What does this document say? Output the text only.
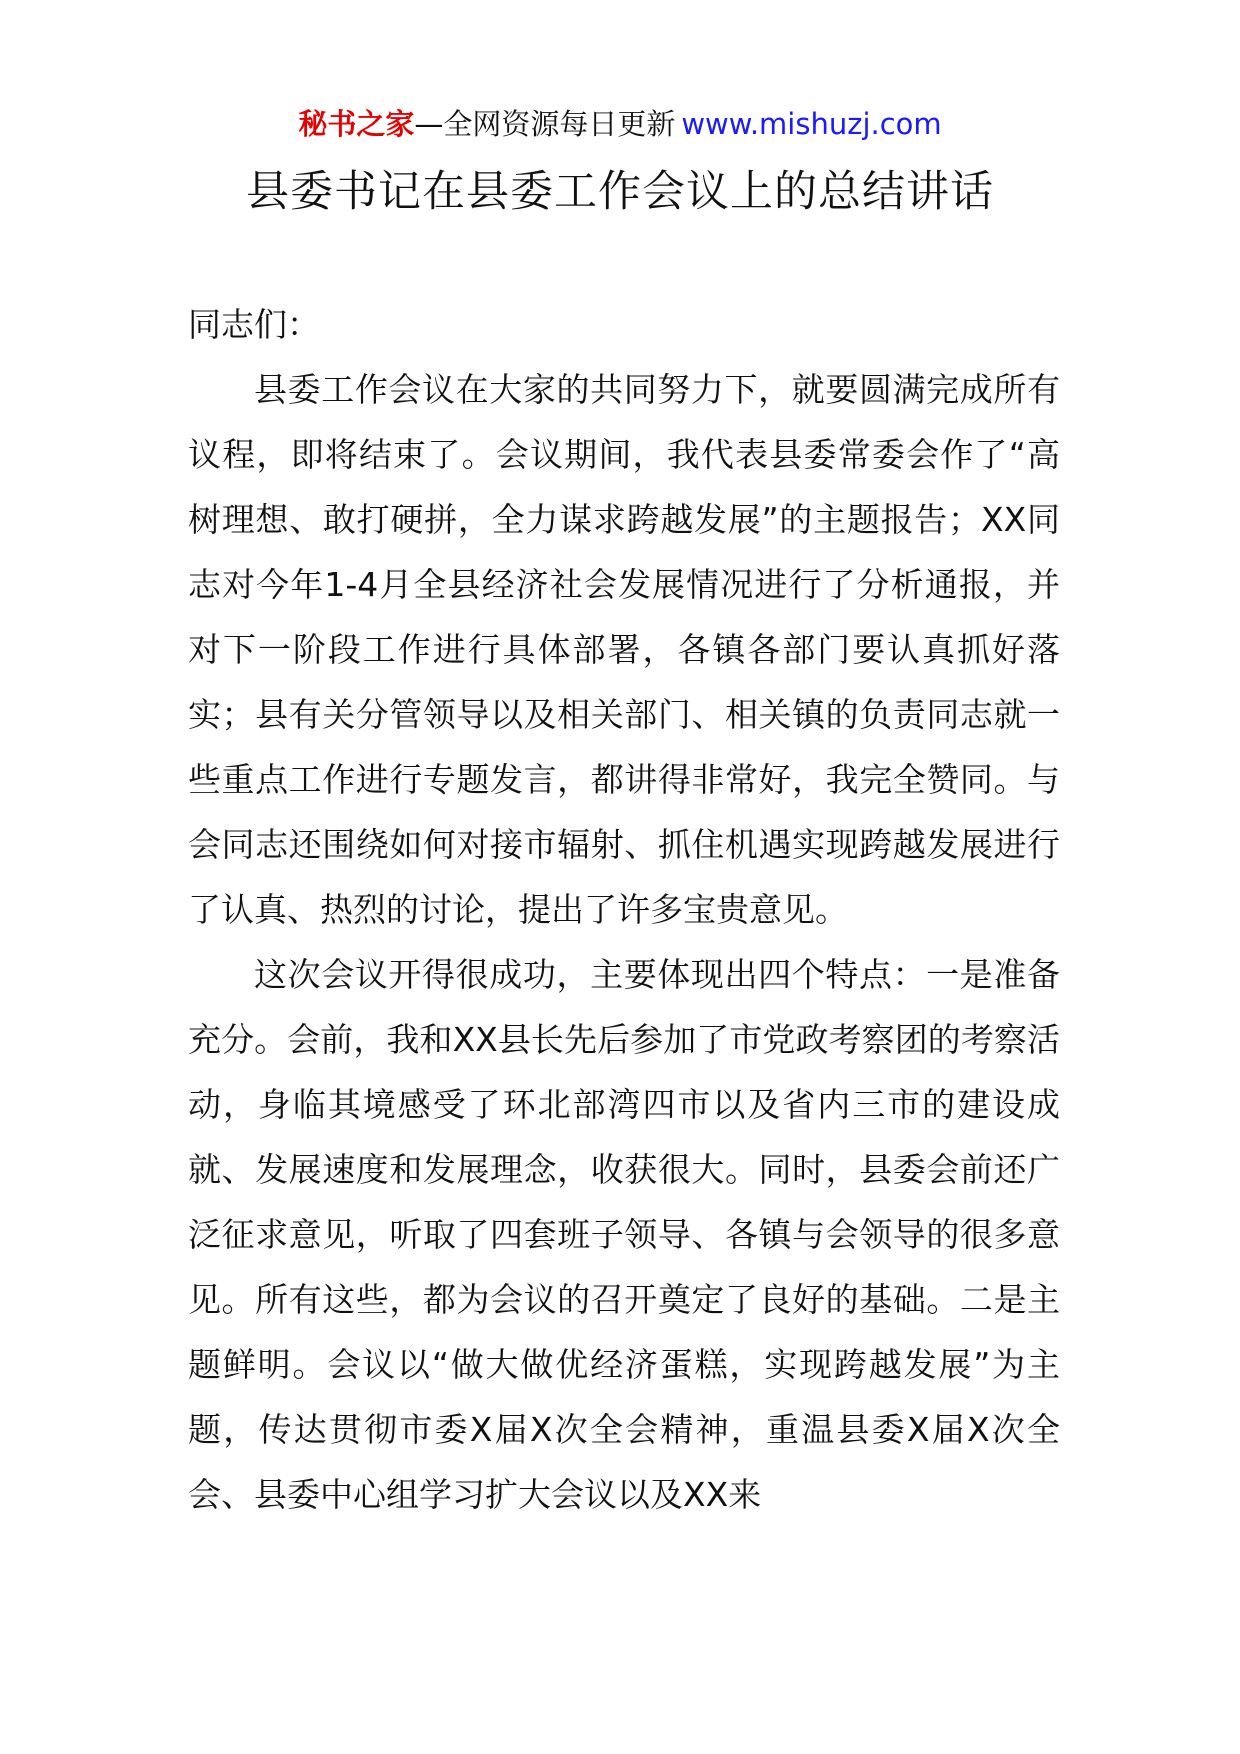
秘书之家—全网资源每日更新 www.mishuzj.com
县委书记在县委工作会议上的总结讲话

同志们：

县委工作会议在大家的共同努力下，就要圆满完成所有议程，即将结束了。会议期间，我代表县委常委会作了“高树理想、敢打硬拼，全力谋求跨越发展”的主题报告；XX同志对今年1-4月全县经济社会发展情况进行了分析通报，并对下一阶段工作进行具体部署，各镇各部门要认真抓好落实；县有关分管领导以及相关部门、相关镇的负责同志就一些重点工作进行专题发言，都讲得非常好，我完全赞同。与会同志还围绕如何对接市辐射、抓住机遇实现跨越发展进行了认真、热烈的讨论，提出了许多宝贵意见。

这次会议开得很成功，主要体现出四个特点：一是准备充分。会前，我和XX县长先后参加了市党政考察团的考察活动，身临其境感受了环北部湾四市以及省内三市的建设成就、发展速度和发展理念，收获很大。同时，县委会前还广泛征求意见，听取了四套班子领导、各镇与会领导的很多意见。所有这些，都为会议的召开奠定了良好的基础。二是主题鲜明。会议以“做大做优经济蛋糕，实现跨越发展”为主题，传达贯彻市委X届X次全会精神，重温县委X届X次全会、县委中心组学习扩大会议以及XX来
